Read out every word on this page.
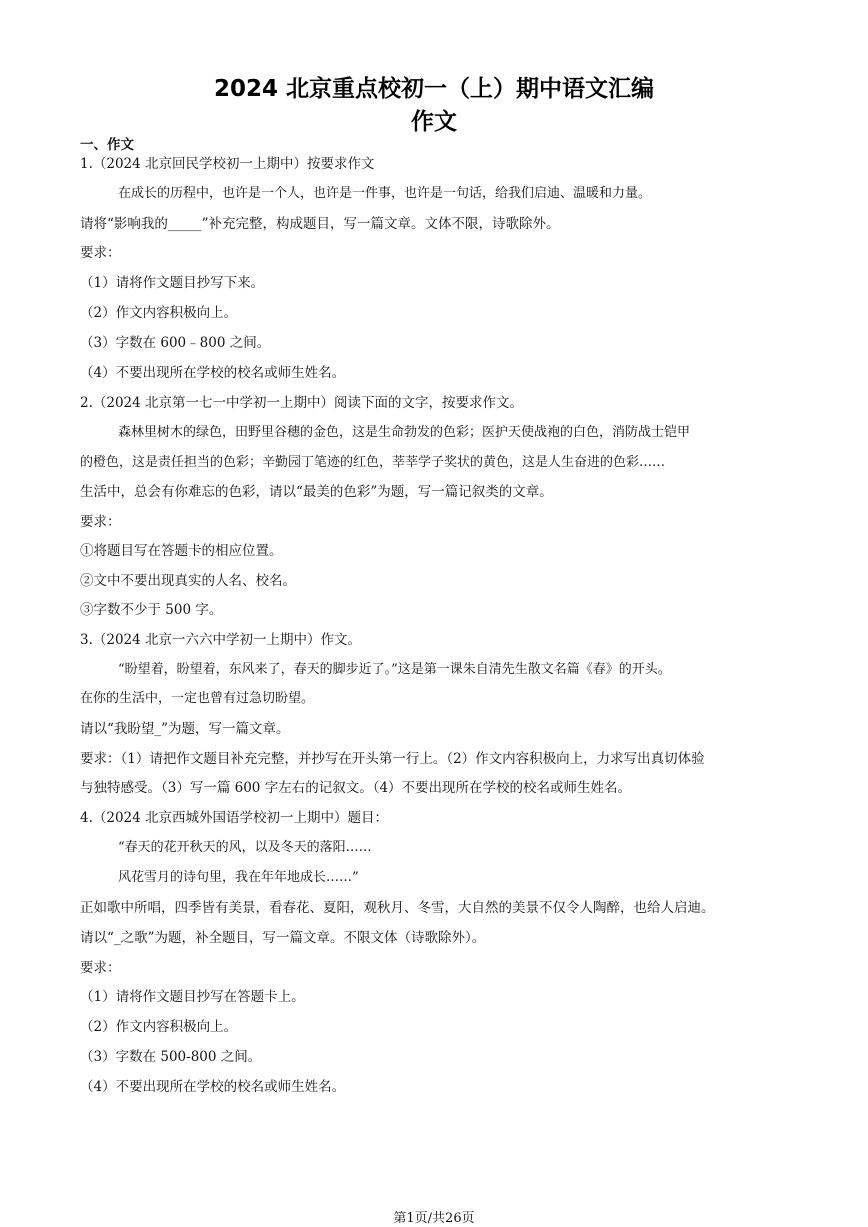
2024 北京重点校初一（上）期中语文汇编
作文
一、作文
1.（2024 北京回民学校初一上期中）按要求作文
在成长的历程中，也许是一个人，也许是一件事，也许是一句话，给我们启迪、温暖和力量。
请将“影响我的_____”补充完整，构成题目，写一篇文章。文体不限，诗歌除外。
要求：
（1）请将作文题目抄写下来。
（2）作文内容积极向上。
（3）字数在 600﹣800 之间。
（4）不要出现所在学校的校名或师生姓名。
2.（2024 北京第一七一中学初一上期中）阅读下面的文字，按要求作文。
森林里树木的绿色，田野里谷穗的金色，这是生命勃发的色彩；医护天使战袍的白色，消防战士铠甲
的橙色，这是责任担当的色彩；辛勤园丁笔迹的红色，莘莘学子奖状的黄色，这是人生奋进的色彩……
生活中，总会有你难忘的色彩，请以“最美的色彩”为题，写一篇记叙类的文章。
要求：
①将题目写在答题卡的相应位置。
②文中不要出现真实的人名、校名。
③字数不少于 500 字。
3.（2024 北京一六六中学初一上期中）作文。
“盼望着，盼望着，东风来了，春天的脚步近了。”这是第一课朱自清先生散文名篇《春》的开头。
在你的生活中，一定也曾有过急切盼望。
请以“我盼望_”为题，写一篇文章。
要求：（1）请把作文题目补充完整，并抄写在开头第一行上。（2）作文内容积极向上，力求写出真切体验
与独特感受。（3）写一篇 600 字左右的记叙文。（4）不要出现所在学校的校名或师生姓名。
4.（2024 北京西城外国语学校初一上期中）题目：
“春天的花开秋天的风，以及冬天的落阳……
风花雪月的诗句里，我在年年地成长……”
正如歌中所唱，四季皆有美景，看春花、夏阳，观秋月、冬雪，大自然的美景不仅令人陶醉，也给人启迪。
请以“_之歌”为题，补全题目，写一篇文章。不限文体（诗歌除外）。
要求：
（1）请将作文题目抄写在答题卡上。
（2）作文内容积极向上。
（3）字数在 500-800 之间。
（4）不要出现所在学校的校名或师生姓名。
第1页/共26页
